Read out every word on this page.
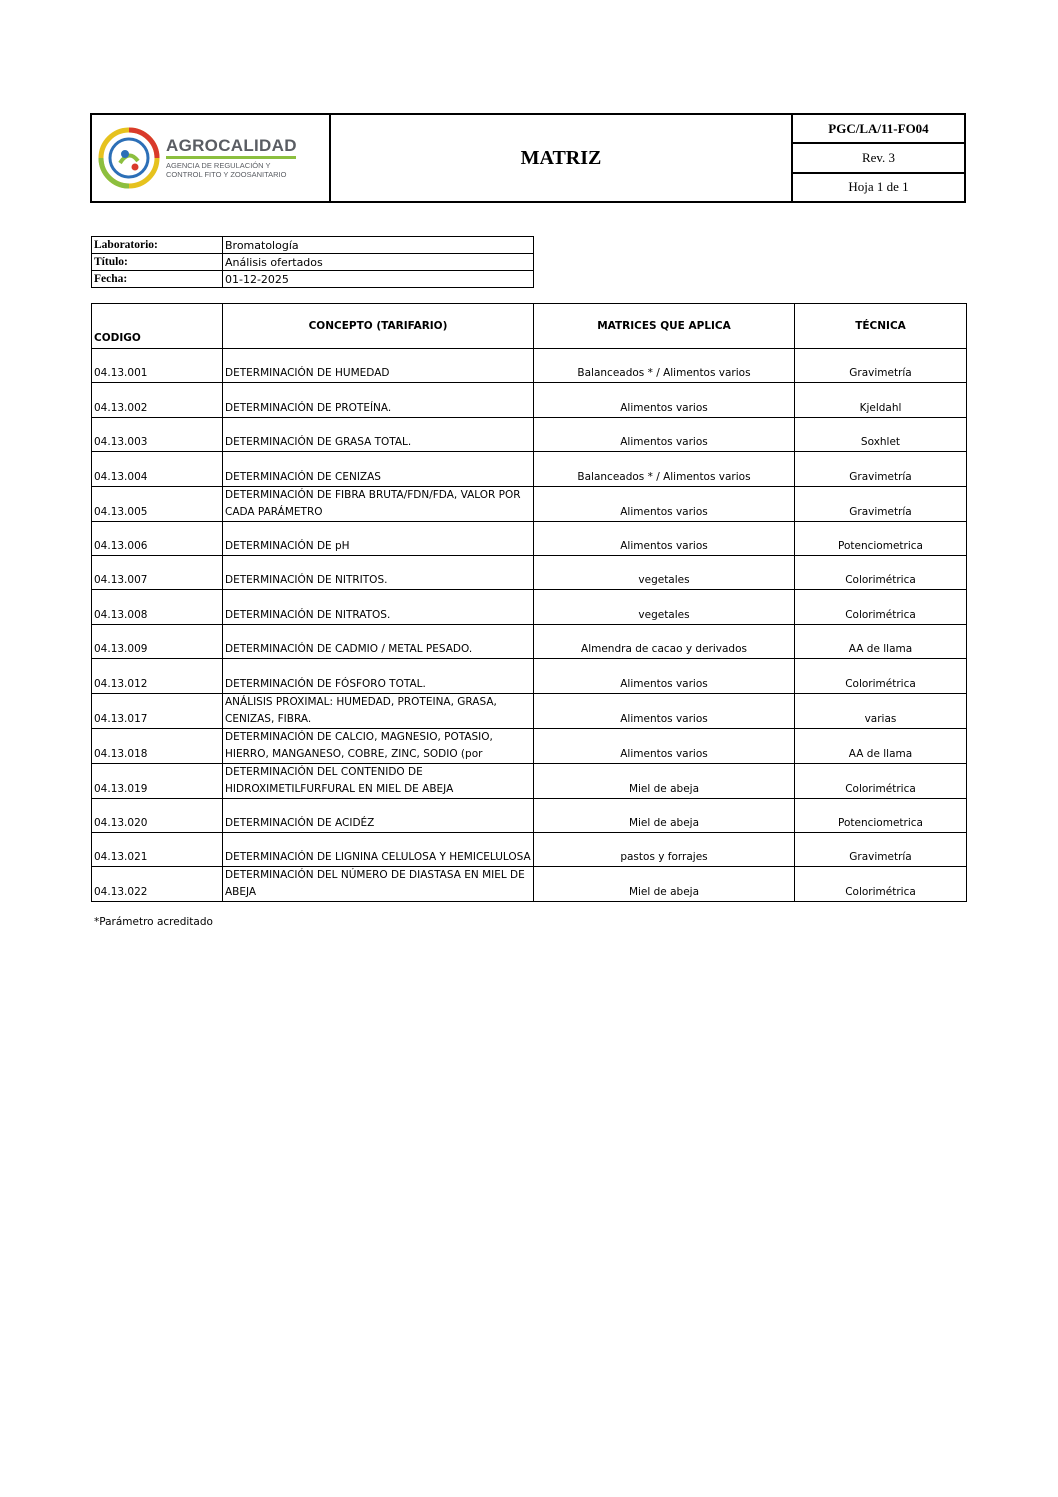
AGROCALIDAD
AGENCIA DE REGULACIÓN Y
CONTROL FITO Y ZOOSANITARIO
MATRIZ
PGC/LA/11-FO04
Rev. 3
Hoja 1 de 1
Laboratorio:	Bromatología
Título:	Análisis ofertados
Fecha:	01-12-2025
CODIGO	CONCEPTO (TARIFARIO)	MATRICES QUE APLICA	TÉCNICA
04.13.001	DETERMINACIÓN DE HUMEDAD	Balanceados * / Alimentos varios	Gravimetría
04.13.002	DETERMINACIÓN DE PROTEÍNA.	Alimentos varios	Kjeldahl
04.13.003	DETERMINACIÓN DE GRASA TOTAL.	Alimentos varios	Soxhlet
04.13.004	DETERMINACIÓN DE CENIZAS	Balanceados * / Alimentos varios	Gravimetría
04.13.005	DETERMINACIÓN DE FIBRA BRUTA/FDN/FDA, VALOR POR CADA PARÁMETRO	Alimentos varios	Gravimetría
04.13.006	DETERMINACIÓN DE pH	Alimentos varios	Potenciometrica
04.13.007	DETERMINACIÓN DE NITRITOS.	vegetales	Colorimétrica
04.13.008	DETERMINACIÓN DE NITRATOS.	vegetales	Colorimétrica
04.13.009	DETERMINACIÓN DE CADMIO / METAL PESADO.	Almendra de cacao y derivados	AA de llama
04.13.012	DETERMINACIÓN DE FÓSFORO TOTAL.	Alimentos varios	Colorimétrica
04.13.017	ANÁLISIS PROXIMAL: HUMEDAD, PROTEINA, GRASA, CENIZAS, FIBRA.	Alimentos varios	varias
04.13.018	DETERMINACIÓN DE CALCIO, MAGNESIO, POTASIO, HIERRO, MANGANESO, COBRE, ZINC, SODIO (por	Alimentos varios	AA de llama
04.13.019	DETERMINACIÓN DEL CONTENIDO DE HIDROXIMETILFURFURAL EN MIEL DE ABEJA	Miel de abeja	Colorimétrica
04.13.020	DETERMINACIÓN DE ACIDÉZ	Miel de abeja	Potenciometrica
04.13.021	DETERMINACIÓN DE LIGNINA CELULOSA Y HEMICELULOSA	pastos y forrajes	Gravimetría
04.13.022	DETERMINACIÓN DEL NÚMERO DE DIASTASA EN MIEL DE ABEJA	Miel de abeja	Colorimétrica
*Parámetro acreditado
